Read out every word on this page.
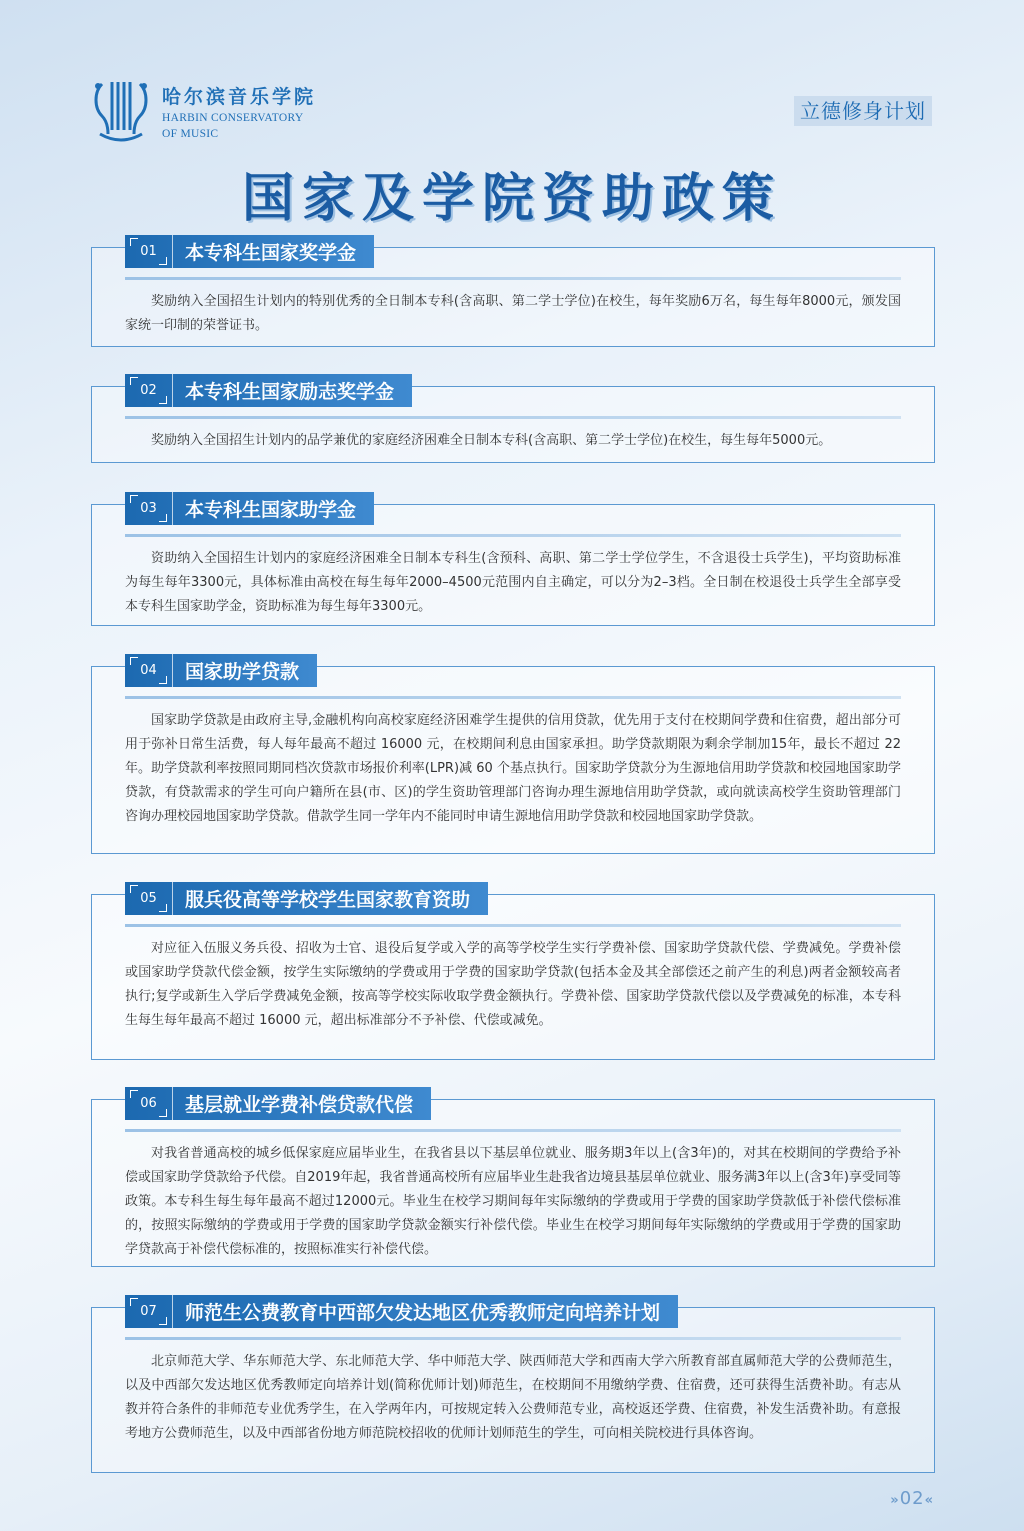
哈尔滨音乐学院
HARBIN CONSERVATORY
OF MUSIC
立德修身计划
国家及学院资助政策
01	本专科生国家奖学金

奖励纳入全国招生计划内的特别优秀的全日制本专科(含高职、第二学士学位)在校生，每年奖励6万名，每生每年8000元，颁发国家统一印制的荣誉证书。

02	本专科生国家励志奖学金

奖励纳入全国招生计划内的品学兼优的家庭经济困难全日制本专科(含高职、第二学士学位)在校生，每生每年5000元。

03	本专科生国家助学金

资助纳入全国招生计划内的家庭经济困难全日制本专科生(含预科、高职、第二学士学位学生，不含退役士兵学生)，平均资助标准为每生每年3300元，具体标准由高校在每生每年2000–4500元范围内自主确定，可以分为2–3档。全日制在校退役士兵学生全部享受本专科生国家助学金，资助标准为每生每年3300元。

04	国家助学贷款

国家助学贷款是由政府主导,金融机构向高校家庭经济困难学生提供的信用贷款，优先用于支付在校期间学费和住宿费，超出部分可用于弥补日常生活费，每人每年最高不超过 16000 元，在校期间利息由国家承担。助学贷款期限为剩余学制加15年，最长不超过 22 年。助学贷款利率按照同期同档次贷款市场报价利率(LPR)减 60 个基点执行。国家助学贷款分为生源地信用助学贷款和校园地国家助学贷款，有贷款需求的学生可向户籍所在县(市、区)的学生资助管理部门咨询办理生源地信用助学贷款，或向就读高校学生资助管理部门咨询办理校园地国家助学贷款。借款学生同一学年内不能同时申请生源地信用助学贷款和校园地国家助学贷款。

05	服兵役高等学校学生国家教育资助

对应征入伍服义务兵役、招收为士官、退役后复学或入学的高等学校学生实行学费补偿、国家助学贷款代偿、学费减免。学费补偿或国家助学贷款代偿金额，按学生实际缴纳的学费或用于学费的国家助学贷款(包括本金及其全部偿还之前产生的利息)两者金额较高者执行;复学或新生入学后学费减免金额，按高等学校实际收取学费金额执行。学费补偿、国家助学贷款代偿以及学费减免的标准，本专科生每生每年最高不超过 16000 元，超出标准部分不予补偿、代偿或减免。

06	基层就业学费补偿贷款代偿

对我省普通高校的城乡低保家庭应届毕业生，在我省县以下基层单位就业、服务期3年以上(含3年)的，对其在校期间的学费给予补偿或国家助学贷款给予代偿。自2019年起，我省普通高校所有应届毕业生赴我省边境县基层单位就业、服务满3年以上(含3年)享受同等政策。本专科生每生每年最高不超过12000元。毕业生在校学习期间每年实际缴纳的学费或用于学费的国家助学贷款低于补偿代偿标准的，按照实际缴纳的学费或用于学费的国家助学贷款金额实行补偿代偿。毕业生在校学习期间每年实际缴纳的学费或用于学费的国家助学贷款高于补偿代偿标准的，按照标准实行补偿代偿。

07	师范生公费教育中西部欠发达地区优秀教师定向培养计划

北京师范大学、华东师范大学、东北师范大学、华中师范大学、陕西师范大学和西南大学六所教育部直属师范大学的公费师范生，以及中西部欠发达地区优秀教师定向培养计划(简称优师计划)师范生，在校期间不用缴纳学费、住宿费，还可获得生活费补助。有志从教并符合条件的非师范专业优秀学生，在入学两年内，可按规定转入公费师范专业，高校返还学费、住宿费，补发生活费补助。有意报考地方公费师范生，以及中西部省份地方师范院校招收的优师计划师范生的学生，可向相关院校进行具体咨询。

»02«
